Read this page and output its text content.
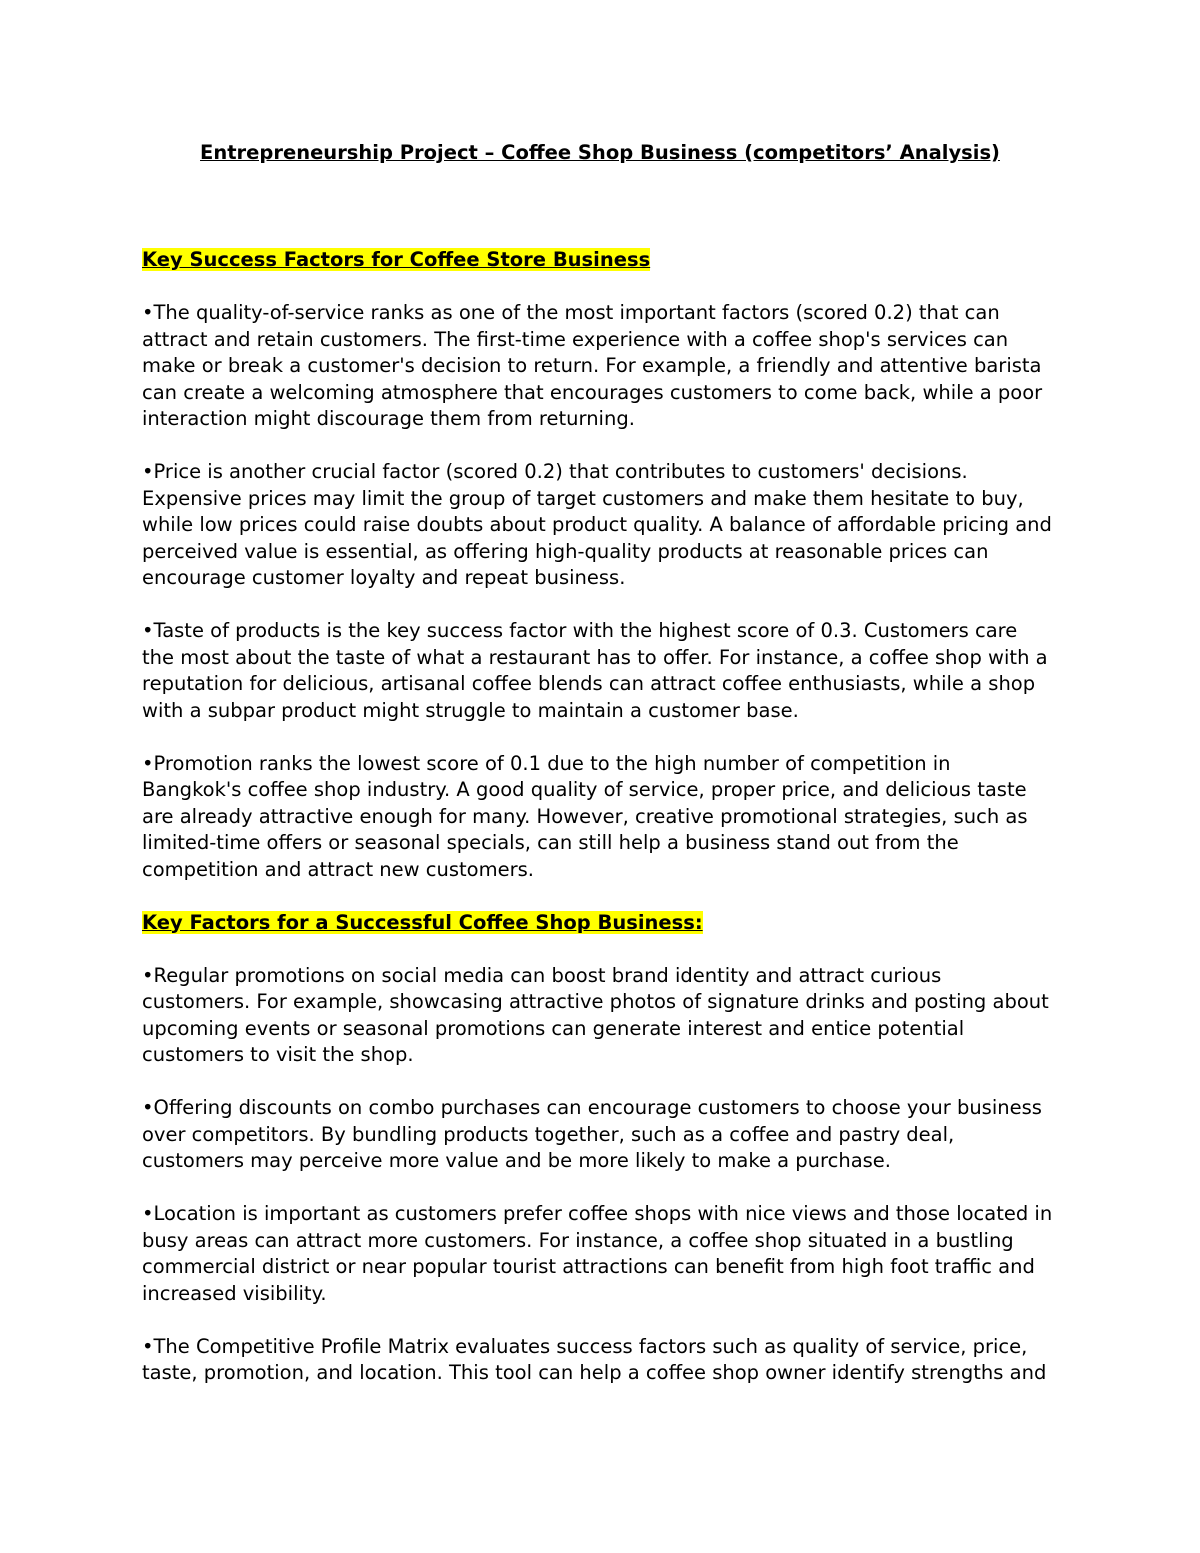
Entrepreneurship Project – Coffee Shop Business (competitors’ Analysis)
Key Success Factors for Coffee Store Business

•The quality-of-service ranks as one of the most important factors (scored 0.2) that can
attract and retain customers. The first-time experience with a coffee shop's services can
make or break a customer's decision to return. For example, a friendly and attentive barista
can create a welcoming atmosphere that encourages customers to come back, while a poor
interaction might discourage them from returning.

•Price is another crucial factor (scored 0.2) that contributes to customers' decisions.
Expensive prices may limit the group of target customers and make them hesitate to buy,
while low prices could raise doubts about product quality. A balance of affordable pricing and
perceived value is essential, as offering high-quality products at reasonable prices can
encourage customer loyalty and repeat business.

•Taste of products is the key success factor with the highest score of 0.3. Customers care
the most about the taste of what a restaurant has to offer. For instance, a coffee shop with a
reputation for delicious, artisanal coffee blends can attract coffee enthusiasts, while a shop
with a subpar product might struggle to maintain a customer base.

•Promotion ranks the lowest score of 0.1 due to the high number of competition in
Bangkok's coffee shop industry. A good quality of service, proper price, and delicious taste
are already attractive enough for many. However, creative promotional strategies, such as
limited-time offers or seasonal specials, can still help a business stand out from the
competition and attract new customers.

Key Factors for a Successful Coffee Shop Business:

•Regular promotions on social media can boost brand identity and attract curious
customers. For example, showcasing attractive photos of signature drinks and posting about
upcoming events or seasonal promotions can generate interest and entice potential
customers to visit the shop.

•Offering discounts on combo purchases can encourage customers to choose your business
over competitors. By bundling products together, such as a coffee and pastry deal,
customers may perceive more value and be more likely to make a purchase.

•Location is important as customers prefer coffee shops with nice views and those located in
busy areas can attract more customers. For instance, a coffee shop situated in a bustling
commercial district or near popular tourist attractions can benefit from high foot traffic and
increased visibility.

•The Competitive Profile Matrix evaluates success factors such as quality of service, price,
taste, promotion, and location. This tool can help a coffee shop owner identify strengths and
